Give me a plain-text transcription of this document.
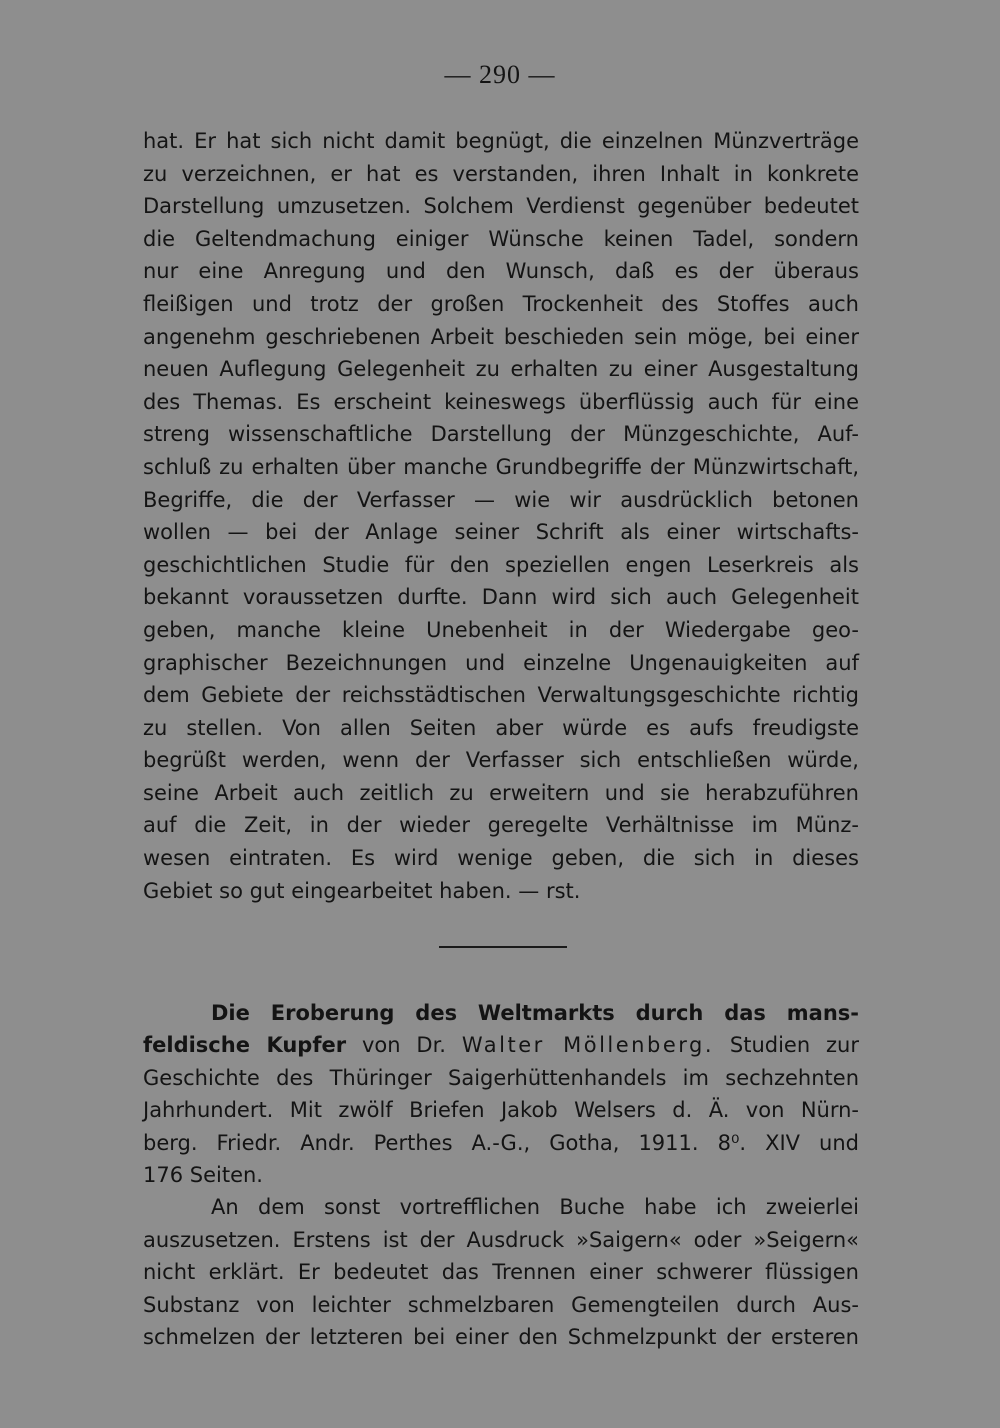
— 290 —
hat. Er hat sich nicht damit begnügt, die einzelnen Münzverträge
zu verzeichnen, er hat es verstanden, ihren Inhalt in konkrete
Darstellung umzusetzen. Solchem Verdienst gegenüber bedeutet
die Geltendmachung einiger Wünsche keinen Tadel, sondern
nur eine Anregung und den Wunsch, daß es der überaus
fleißigen und trotz der großen Trockenheit des Stoffes auch
angenehm geschriebenen Arbeit beschieden sein möge, bei einer
neuen Auflegung Gelegenheit zu erhalten zu einer Ausgestaltung
des Themas. Es erscheint keineswegs überflüssig auch für eine
streng wissenschaftliche Darstellung der Münzgeschichte, Auf-
schluß zu erhalten über manche Grundbegriffe der Münzwirtschaft,
Begriffe, die der Verfasser — wie wir ausdrücklich betonen
wollen — bei der Anlage seiner Schrift als einer wirtschafts-
geschichtlichen Studie für den speziellen engen Leserkreis als
bekannt voraussetzen durfte. Dann wird sich auch Gelegenheit
geben, manche kleine Unebenheit in der Wiedergabe geo-
graphischer Bezeichnungen und einzelne Ungenauigkeiten auf
dem Gebiete der reichsstädtischen Verwaltungsgeschichte richtig
zu stellen. Von allen Seiten aber würde es aufs freudigste
begrüßt werden, wenn der Verfasser sich entschließen würde,
seine Arbeit auch zeitlich zu erweitern und sie herabzuführen
auf die Zeit, in der wieder geregelte Verhältnisse im Münz-
wesen eintraten. Es wird wenige geben, die sich in dieses
Gebiet so gut eingearbeitet haben. — rst.
Die Eroberung des Weltmarkts durch das mans-
feldische Kupfer von Dr. Walter Möllenberg. Studien zur
Geschichte des Thüringer Saigerhüttenhandels im sechzehnten
Jahrhundert. Mit zwölf Briefen Jakob Welsers d. Ä. von Nürn-
berg. Friedr. Andr. Perthes A.-G., Gotha, 1911. 8⁰. XIV und
176 Seiten.
An dem sonst vortrefflichen Buche habe ich zweierlei
auszusetzen. Erstens ist der Ausdruck »Saigern« oder »Seigern«
nicht erklärt. Er bedeutet das Trennen einer schwerer flüssigen
Substanz von leichter schmelzbaren Gemengteilen durch Aus-
schmelzen der letzteren bei einer den Schmelzpunkt der ersteren
